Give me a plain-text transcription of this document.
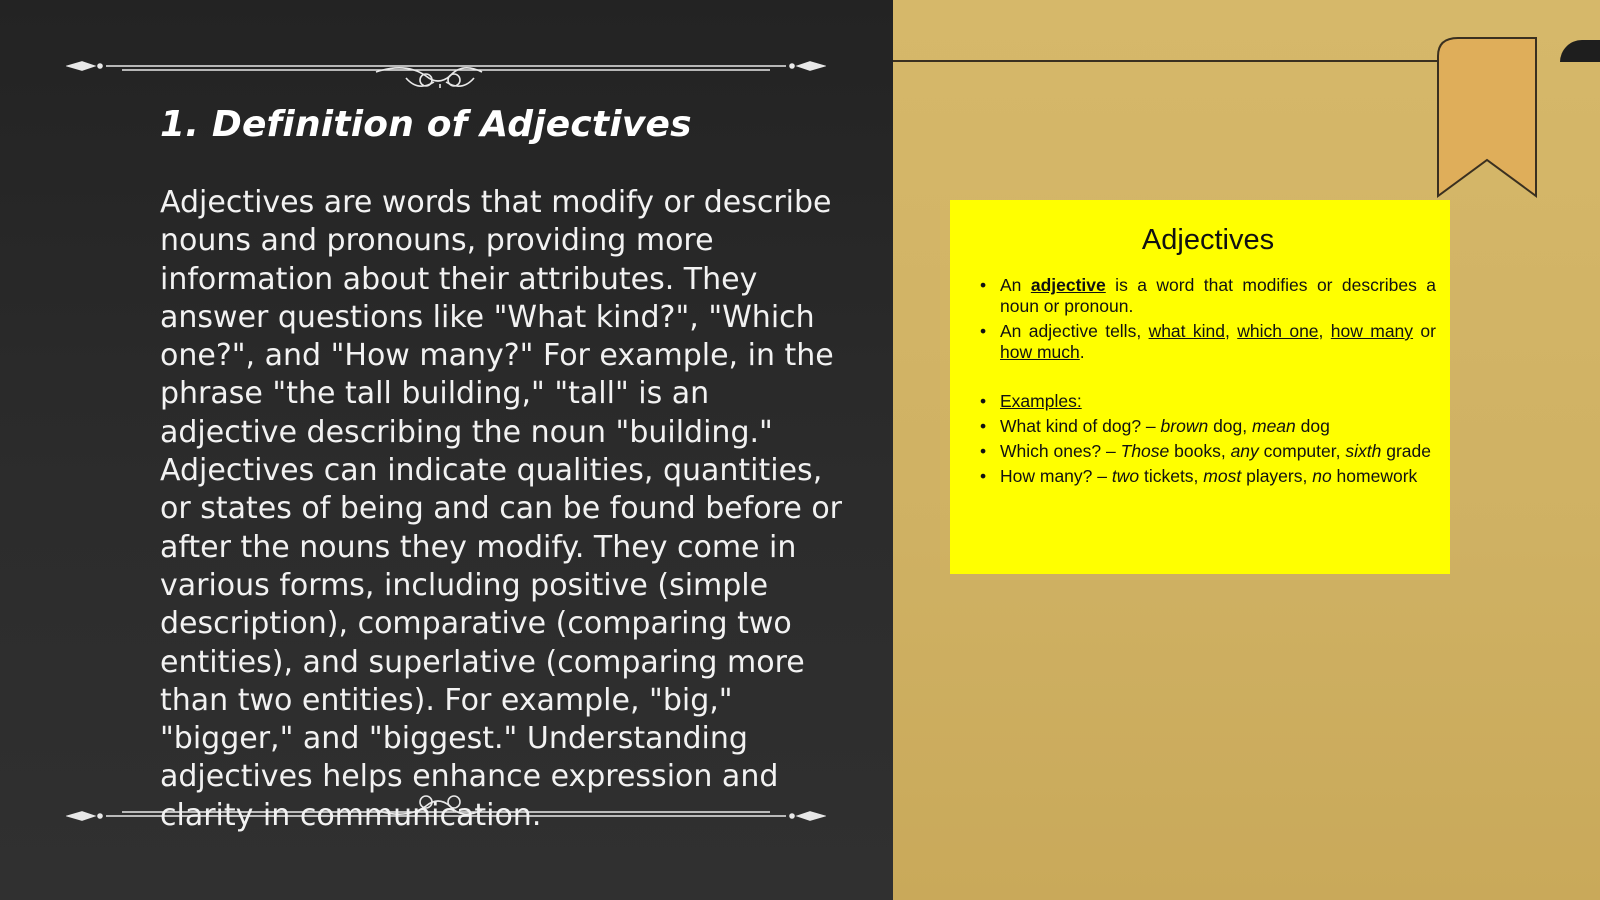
1. Definition of Adjectives

Adjectives are words that modify or describe nouns and pronouns, providing more information about their attributes. They answer questions like "What kind?", "Which one?", and "How many?" For example, in the phrase "the tall building," "tall" is an adjective describing the noun "building." Adjectives can indicate qualities, quantities, or states of being and can be found before or after the nouns they modify. They come in various forms, including positive (simple description), comparative (comparing two entities), and superlative (comparing more than two entities). For example, "big," "bigger," and "biggest." Understanding adjectives helps enhance expression and clarity in communication.

Adjectives
• An adjective is a word that modifies or describes a noun or pronoun.
• An adjective tells, what kind, which one, how many or how much.
• Examples:
• What kind of dog? – brown dog, mean dog
• Which ones? – Those books, any computer, sixth grade
• How many? – two tickets, most players, no homework
